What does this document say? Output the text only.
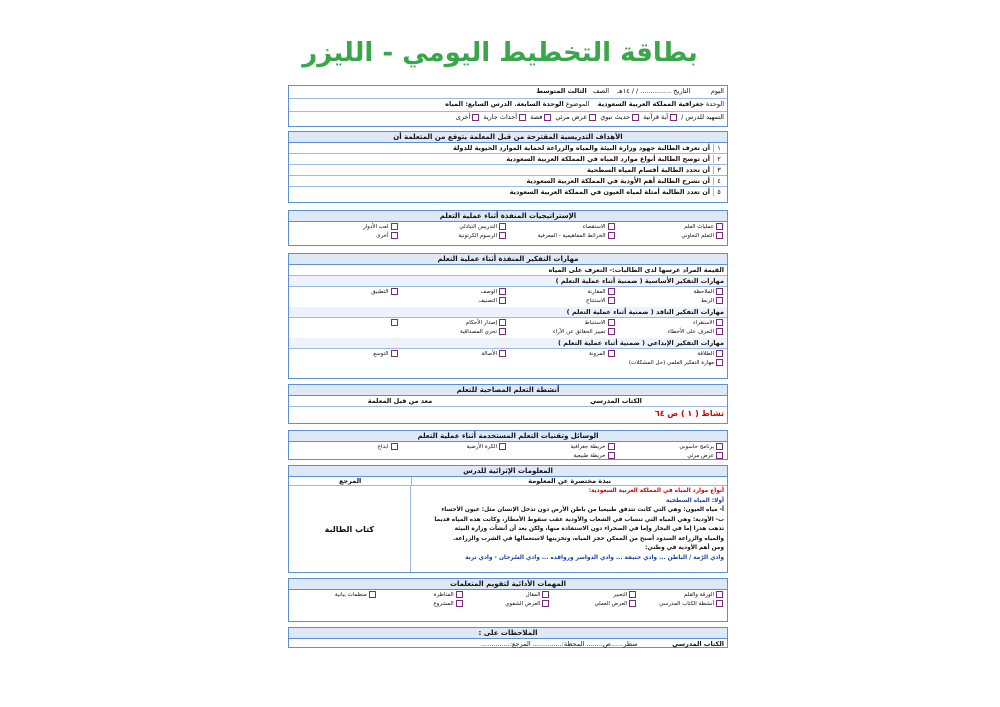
بطاقة التخطيط اليومي - الليزر
اليوم          التاريخ ............... / / ١٤هـ    الصف   الثالث المتوسط
الوحدة جغرافية المملكة العربية السعودية    الموضوع الوحدة السابعة. الدرس السابع: المياه
التمهيد للدرس / آية قرآنية حديث نبوي عرض مرئي قصة أحداث جارية أخرى
الأهداف التدريسية المقترحة من قبل المعلمة يتوقع من المتعلمة أن
١أن تعرف الطالبة جهود وزارة البيئة والمياه والزراعة لحماية الموارد الحيوية للدولة
٢أن توضح الطالبة أنواع موارد المياه في المملكة العربية السعودية
٣أن تحدد الطالبة أقسام المياه السطحية
٤أن تشرح الطالبة أهم الأودية في المملكة العربية السعودية
٥أن تعدد الطالبة أمثلة لمياه العيون في المملكة العربية السعودية
الإستراتيجيات المنفذة أثناء عملية التعلم
عمليات العلم
الاستقصاء
التدريس التبادلي
لعب الأدوار
التعلم التعاوني
الخرائط المفاهيمية - المعرفية
الرسوم الكرتونية
أخرى
مهارات التفكير المنفذة أثناء عملية التعلم
القيمة المراد غرسها لدى الطالبات:- التعرف على المياه
مهارات التفكير الأساسية ( ضمنية أثناء عملية التعلم )
الملاحظة
المقارنة
الوصف
التطبيق
الربط
الاستنتاج
التصنيف
مهارات التفكير الناقد ( ضمنية أثناء عملية التعلم )
الاستقراء
الاستنباط
إصدار الأحكام
التعرف على الأخطاء
تمييز الحقائق عن الآراء
تحري المصداقية
مهارات التفكير الإبداعي ( ضمنية أثناء عملية التعلم )
الطلاقة
المرونة
الأصالة
التوسع
مهارة التفكير العلمي (حل المشكلات)
أنشطة التعلم المصاحبة للتعلم
الكتاب المدرسي
معد من قبل المعلمة
نشاط ( ١ ) ص ٦٤
الوسائل وتقنيات التعلم المستخدمة أثناء عملية التعلم
برنامج حاسوبي
خريطة جغرافية
الكرة الأرضية
ابداع
عرض مرئي
خريطة طبيعية
المعلومات الإثرائية للدرس
نبذة مختصرة عن المعلومة
المرجع
أنواع موارد المياه في المملكة العربية السعودية:
أولا: المياه السطحية
أ- مياه العيون: وهي التي كانت تتدفق طبيعيا من باطن الأرض دون تدخل الإنسان مثل: عيون الأحساء
ب- الأودية: وهي المياه التي تنساب في الشعاب والأودية عقب سقوط الأمطار، وكانت هذه المياه قديما
تذهب هدرا إما في البحار وإما في الصحراء دون الاستفادة منها، ولكن بعد أن أنشأت وزارة البيئة
والمياه والزراعة السدود أصبح من الممكن حجز المياه، وتخزينها لاستعمالها في الشرب والزراعة.
ومن أهم الأودية في وطني:
وادي الرّمة / الباطن ... وادي حنيفة ... وادي الدواسر ورواقده ... وادي السّرحان - وادي تربة
كتاب الطالبة
المهمات الأدائية لتقويم المتعلمات
الورقة والقلم
التعبير
المقال
المناظرة
منظمات بيانية
أنشطة الكتاب المدرسي
العرض العملي
العرض الشفوي
المشروع
الملاحظات على :
الكتاب المدرسي
سطر......ص........ المحظة:.............. المرجع:..............
